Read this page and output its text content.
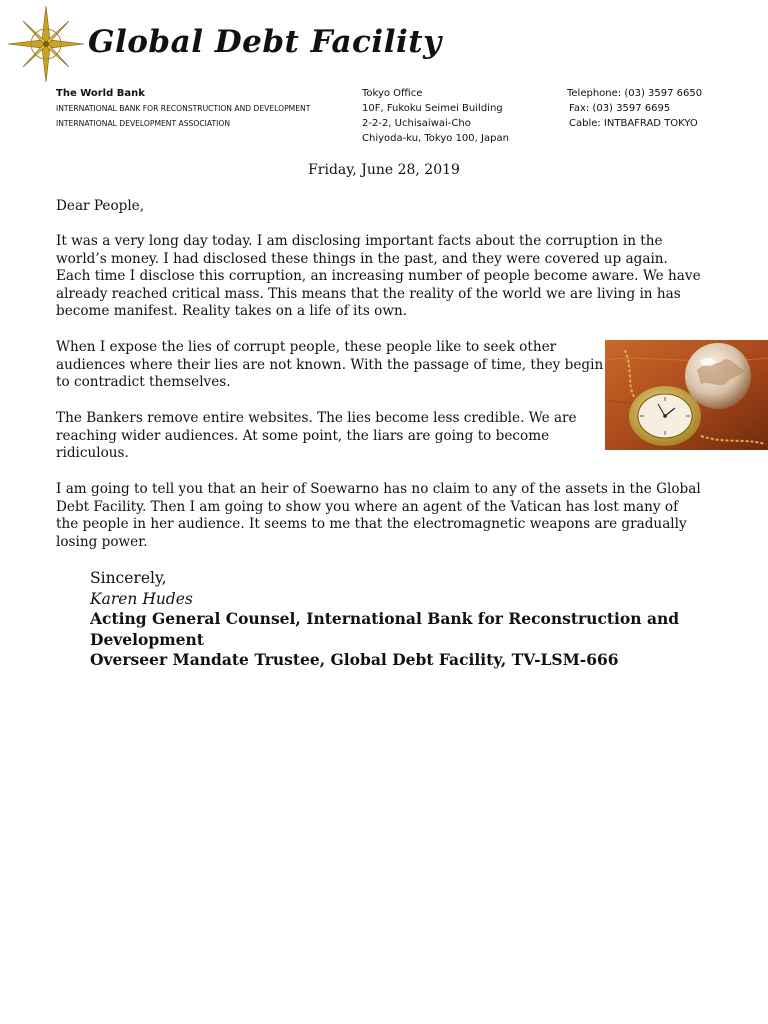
Global Debt Facility
The World Bank
INTERNATIONAL BANK FOR RECONSTRUCTION AND DEVELOPMENT
INTERNATIONAL DEVELOPMENT ASSOCIATION
Tokyo Office
10F, Fukoku Seimei Building
2-2-2, Uchisaiwai-Cho
Chiyoda-ku, Tokyo 100, Japan
Telephone: (03) 3597 6650
Fax: (03) 3597 6695
Cable: INTBAFRAD TOKYO
Friday, June 28, 2019

Dear People,

It was a very long day today. I am disclosing important facts about the corruption in the
world’s money. I had disclosed these things in the past, and they were covered up again.
Each time I disclose this corruption, an increasing number of people become aware. We have
already reached critical mass. This means that the reality of the world we are living in has
become manifest. Reality takes on a life of its own.

When I expose the lies of corrupt people, these people like to seek other
audiences where their lies are not known. With the passage of time, they begin
to contradict themselves.

The Bankers remove entire websites. The lies become less credible. We are
reaching wider audiences. At some point, the liars are going to become
ridiculous.

I am going to tell you that an heir of Soewarno has no claim to any of the assets in the Global
Debt Facility. Then I am going to show you where an agent of the Vatican has lost many of
the people in her audience. It seems to me that the electromagnetic weapons are gradually
losing power.

Sincerely,
Karen Hudes
Acting General Counsel, International Bank for Reconstruction and
Development
Overseer Mandate Trustee, Global Debt Facility, TV-LSM-666
